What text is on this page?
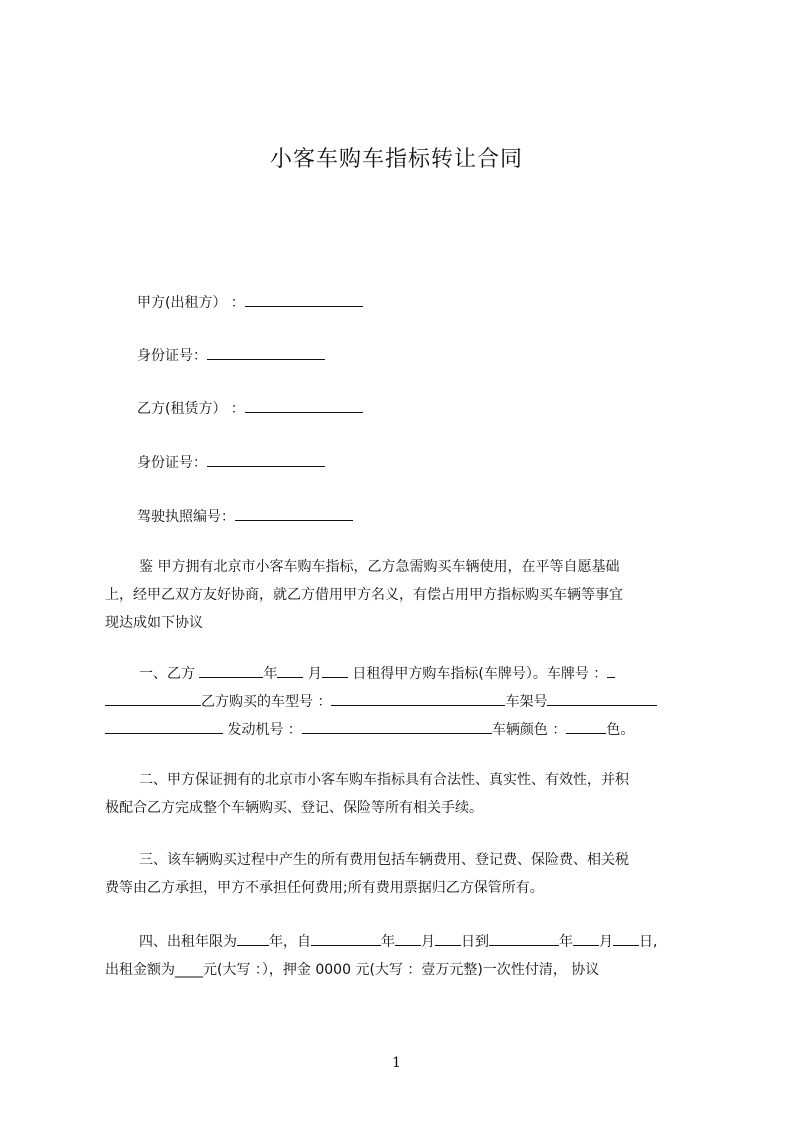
小客车购车指标转让合同
甲方(出租方） ：
身份证号：
乙方(租赁方） ：
身份证号：
驾驶执照编号：
鉴 甲方拥有北京市小客车购车指标，乙方急需购买车辆使用，在平等自愿基础
上，经甲乙双方友好协商，就乙方借用甲方名义，有偿占用甲方指标购买车辆等事宜
现达成如下协议
一、乙方	年 月 日租得甲方购车指标(车牌号）。车牌号 ：
乙方购买的车型号 ：	车架号
发动机号 ：	车辆颜色 ：	色。
二、甲方保证拥有的北京市小客车购车指标具有合法性、真实性、有效性，并积
极配合乙方完成整个车辆购买、登记、保险等所有相关手续。
三、该车辆购买过程中产生的所有费用包括车辆费用、登记费、保险费、相关税
费等由乙方承担，甲方不承担任何费用;所有费用票据归乙方保管所有。
四、出租年限为 年，自	年 月 日到	年 月 日,
出租金额为____元(大写 ：），押金 0000 元(大写 ：壹万元整)一次性付清， 协议
1
